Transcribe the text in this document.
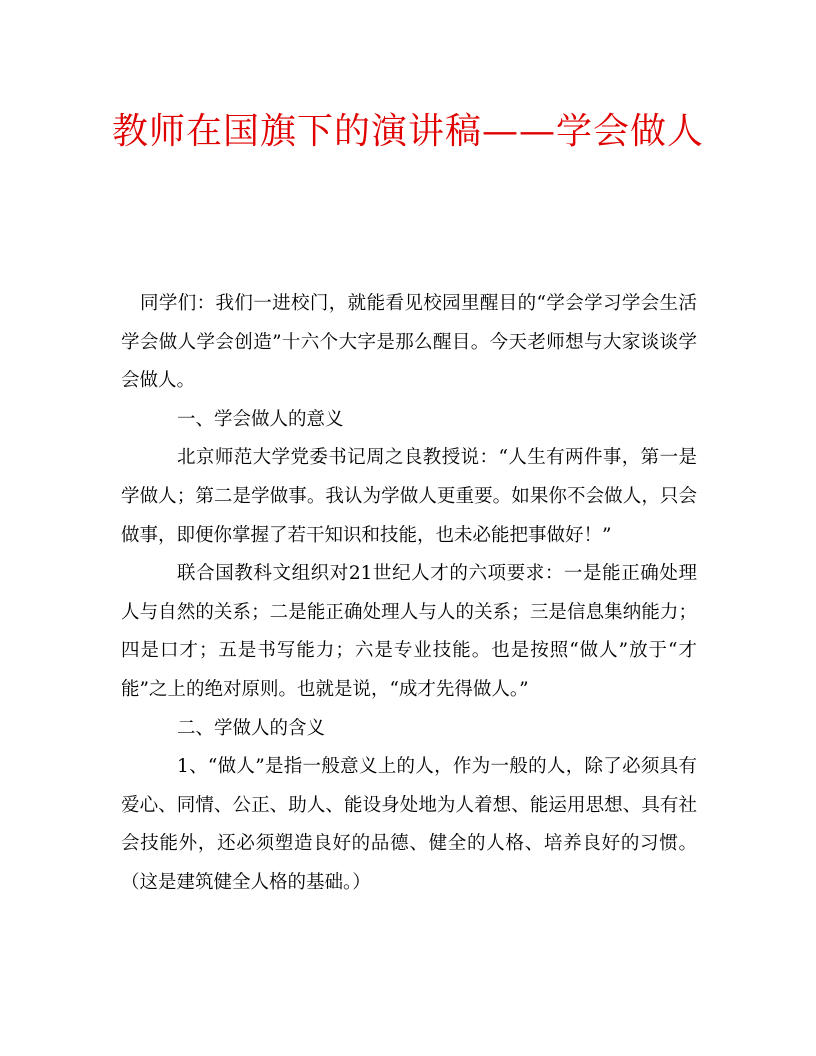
教师在国旗下的演讲稿——学会做人

同学们：我们一进校门，就能看见校园里醒目的“学会学习学会生活学会做人学会创造”十六个大字是那么醒目。今天老师想与大家谈谈学会做人。

一、学会做人的意义

北京师范大学党委书记周之良教授说：“人生有两件事，第一是学做人；第二是学做事。我认为学做人更重要。如果你不会做人，只会做事，即便你掌握了若干知识和技能，也未必能把事做好！”

联合国教科文组织对21世纪人才的六项要求：一是能正确处理人与自然的关系；二是能正确处理人与人的关系；三是信息集纳能力；四是口才；五是书写能力；六是专业技能。也是按照“做人”放于“才能”之上的绝对原则。也就是说，“成才先得做人。”

二、学做人的含义

1、“做人”是指一般意义上的人，作为一般的人，除了必须具有爱心、同情、公正、助人、能设身处地为人着想、能运用思想、具有社会技能外，还必须塑造良好的品德、健全的人格、培养良好的习惯。（这是建筑健全人格的基础。）
